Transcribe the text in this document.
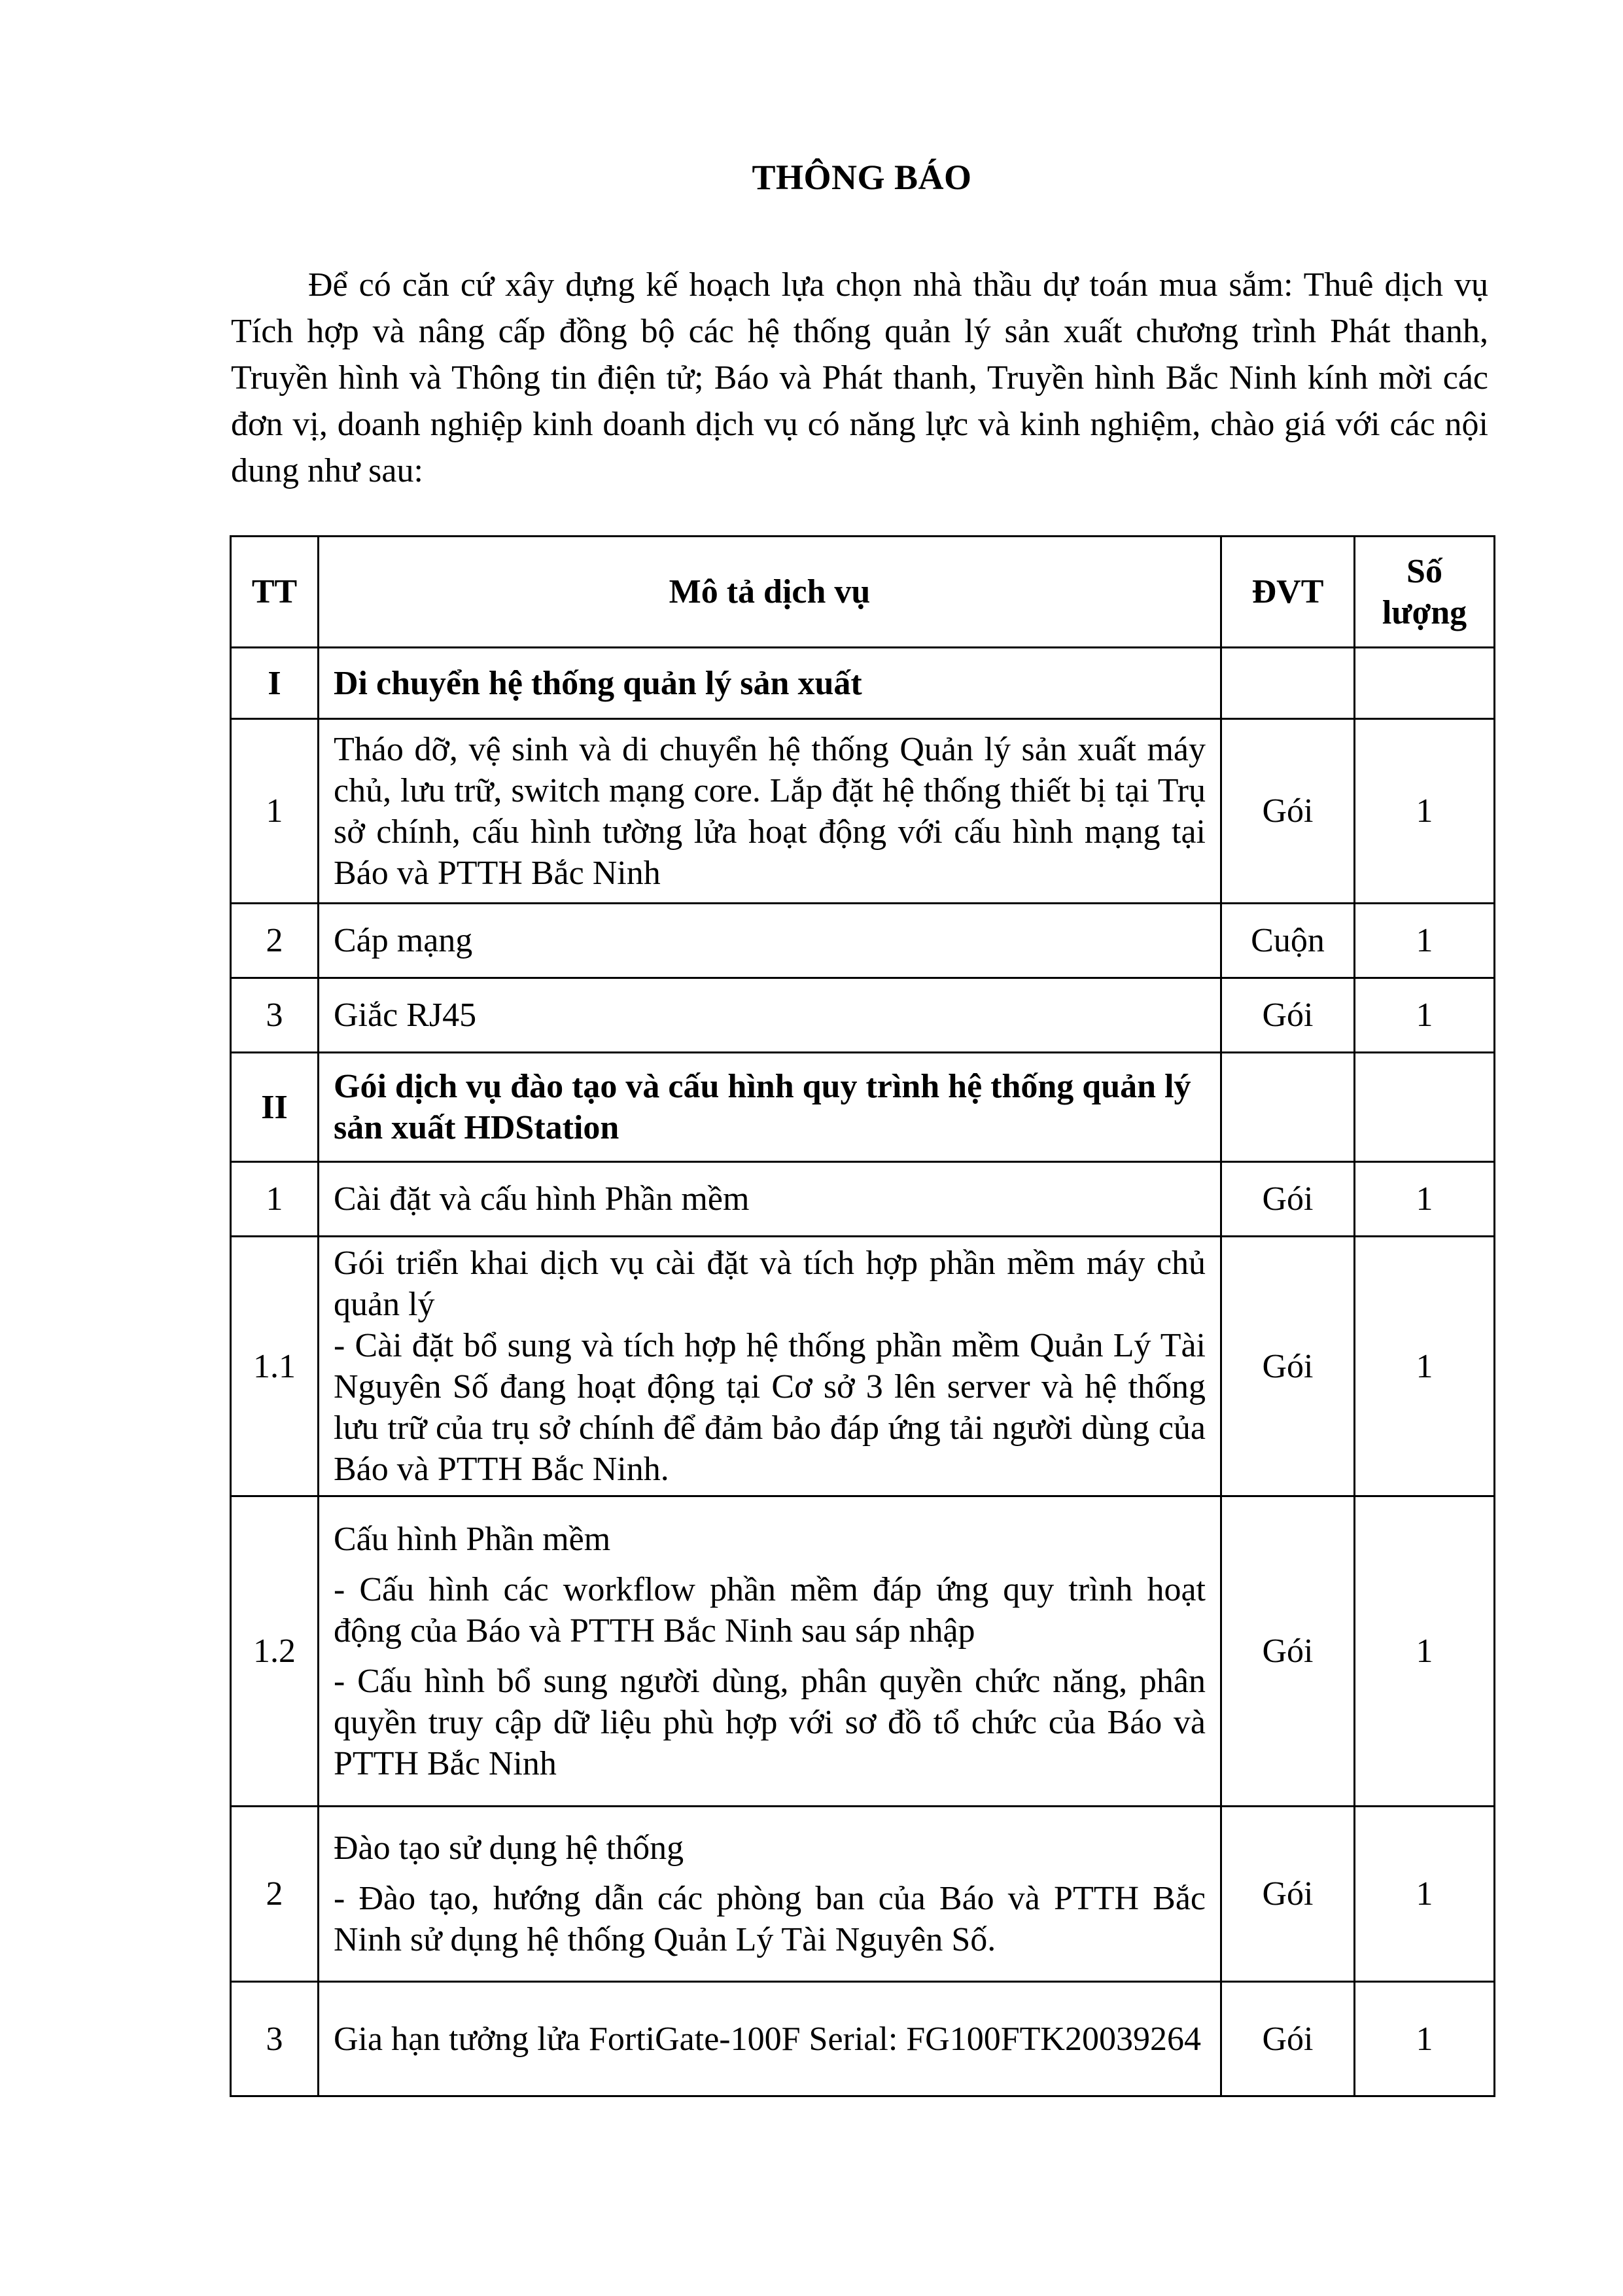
THÔNG BÁO

Để có căn cứ xây dựng kế hoạch lựa chọn nhà thầu dự toán mua sắm: Thuê dịch vụ Tích hợp và nâng cấp đồng bộ các hệ thống quản lý sản xuất chương trình Phát thanh, Truyền hình và Thông tin điện tử; Báo và Phát thanh, Truyền hình Bắc Ninh kính mời các đơn vị, doanh nghiệp kinh doanh dịch vụ có năng lực và kinh nghiệm, chào giá với các nội dung như sau:

TT	Mô tả dịch vụ	ĐVT	Số lượng
I	Di chuyển hệ thống quản lý sản xuất		
1	Tháo dỡ, vệ sinh và di chuyển hệ thống Quản lý sản xuất máy chủ, lưu trữ, switch mạng core. Lắp đặt hệ thống thiết bị tại Trụ sở chính, cấu hình tường lửa hoạt động với cấu hình mạng tại Báo và PTTH Bắc Ninh	Gói	1
2	Cáp mạng	Cuộn	1
3	Giắc RJ45	Gói	1
II	Gói dịch vụ đào tạo và cấu hình quy trình hệ thống quản lý sản xuất HDStation		
1	Cài đặt và cấu hình Phần mềm	Gói	1
1.1	Gói triển khai dịch vụ cài đặt và tích hợp phần mềm máy chủ quản lý
- Cài đặt bổ sung và tích hợp hệ thống phần mềm Quản Lý Tài Nguyên Số đang hoạt động tại Cơ sở 3 lên server và hệ thống lưu trữ của trụ sở chính để đảm bảo đáp ứng tải người dùng của Báo và PTTH Bắc Ninh.	Gói	1
1.2	Cấu hình Phần mềm

- Cấu hình các workflow phần mềm đáp ứng quy trình hoạt động của Báo và PTTH Bắc Ninh sau sáp nhập

- Cấu hình bổ sung người dùng, phân quyền chức năng, phân quyền truy cập dữ liệu phù hợp với sơ đồ tổ chức của Báo và PTTH Bắc Ninh	Gói	1
2	Đào tạo sử dụng hệ thống

- Đào tạo, hướng dẫn các phòng ban của Báo và PTTH Bắc Ninh sử dụng hệ thống Quản Lý Tài Nguyên Số.	Gói	1
3	Gia hạn tưởng lửa FortiGate-100F Serial: FG100FTK20039264	Gói	1
